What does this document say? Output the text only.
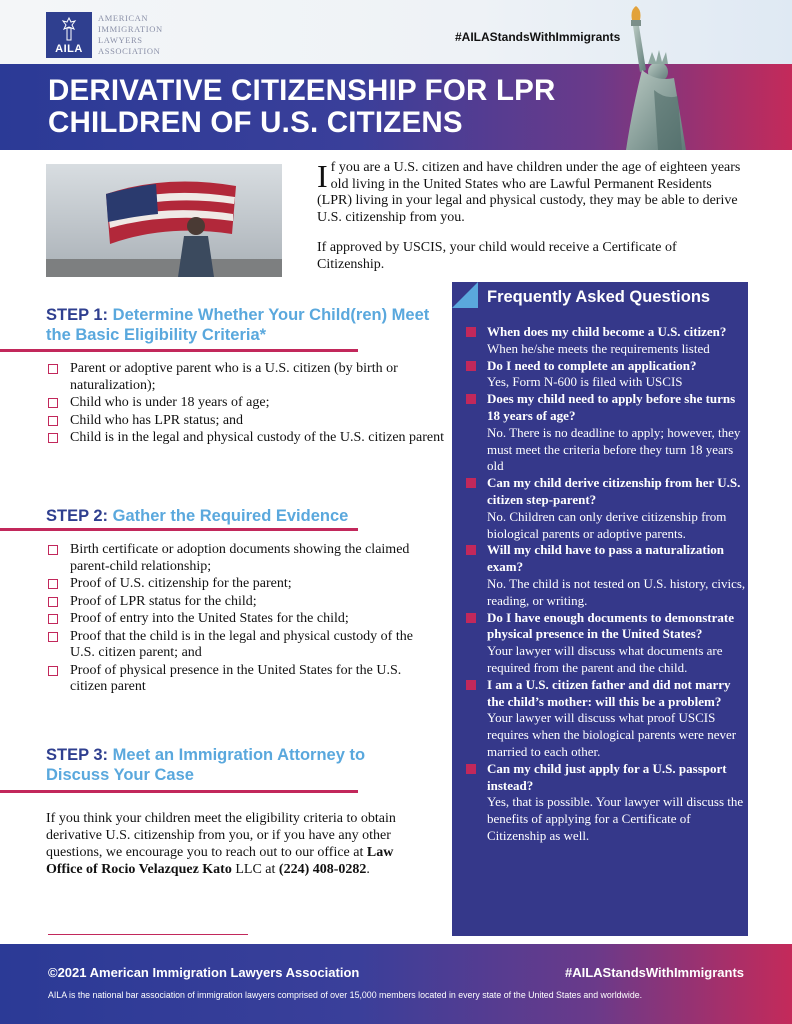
AILA
AMERICAN
IMMIGRATION
LAWYERS
ASSOCIATION
#AILAStandsWithImmigrants
DERIVATIVE CITIZENSHIP FOR LPR
CHILDREN OF U.S. CITIZENS

If you are a U.S. citizen and have children under the age of eighteen years old living in the United States who are Lawful Permanent Residents (LPR) living in your legal and physical custody, they may be able to derive U.S. citizenship from you.

If approved by USCIS, your child would receive a Certificate of Citizenship.

STEP 1: Determine Whether Your Child(ren) Meet the Basic Eligibility Criteria*
Parent or adoptive parent who is a U.S. citizen (by birth or naturalization);
Child who is under 18 years of age;
Child who has LPR status; and
Child is in the legal and physical custody of the U.S. citizen parent
STEP 2: Gather the Required Evidence
Birth certificate or adoption documents showing the claimed parent-child relationship;
Proof of U.S. citizenship for the parent;
Proof of LPR status for the child;
Proof of entry into the United States for the child;
Proof that the child is in the legal and physical custody of the U.S. citizen parent; and
Proof of physical presence in the United States for the U.S. citizen parent
STEP 3: Meet an Immigration Attorney to Discuss Your Case
If you think your children meet the eligibility criteria to obtain derivative U.S. citizenship from you, or if you have any other questions, we encourage you to reach out to our office at Law Office of Rocio Velazquez Kato LLC at (224) 408-0282.
Frequently Asked Questions
When does my child become a U.S. citizen?
When he/she meets the requirements listed
Do I need to complete an application?
Yes, Form N-600 is filed with USCIS
Does my child need to apply before she turns 18 years of age?
No. There is no deadline to apply; however, they must meet the criteria before they turn 18 years old
Can my child derive citizenship from her U.S. citizen step-parent?
No. Children can only derive citizenship from biological parents or adoptive parents.
Will my child have to pass a naturalization exam?
No. The child is not tested on U.S. history, civics, reading, or writing.
Do I have enough documents to demonstrate physical presence in the United States?
Your lawyer will discuss what documents are required from the parent and the child.
I am a U.S. citizen father and did not marry the child’s mother: will this be a problem?
Your lawyer will discuss what proof USCIS requires when the biological parents were never married to each other.
Can my child just apply for a U.S. passport instead?
Yes, that is possible. Your lawyer will discuss the benefits of applying for a Certificate of Citizenship as well.
©2021 American Immigration Lawyers Association	#AILAStandsWithImmigrants
AILA is the national bar association of immigration lawyers comprised of over 15,000 members located in every state of the United States and worldwide.
